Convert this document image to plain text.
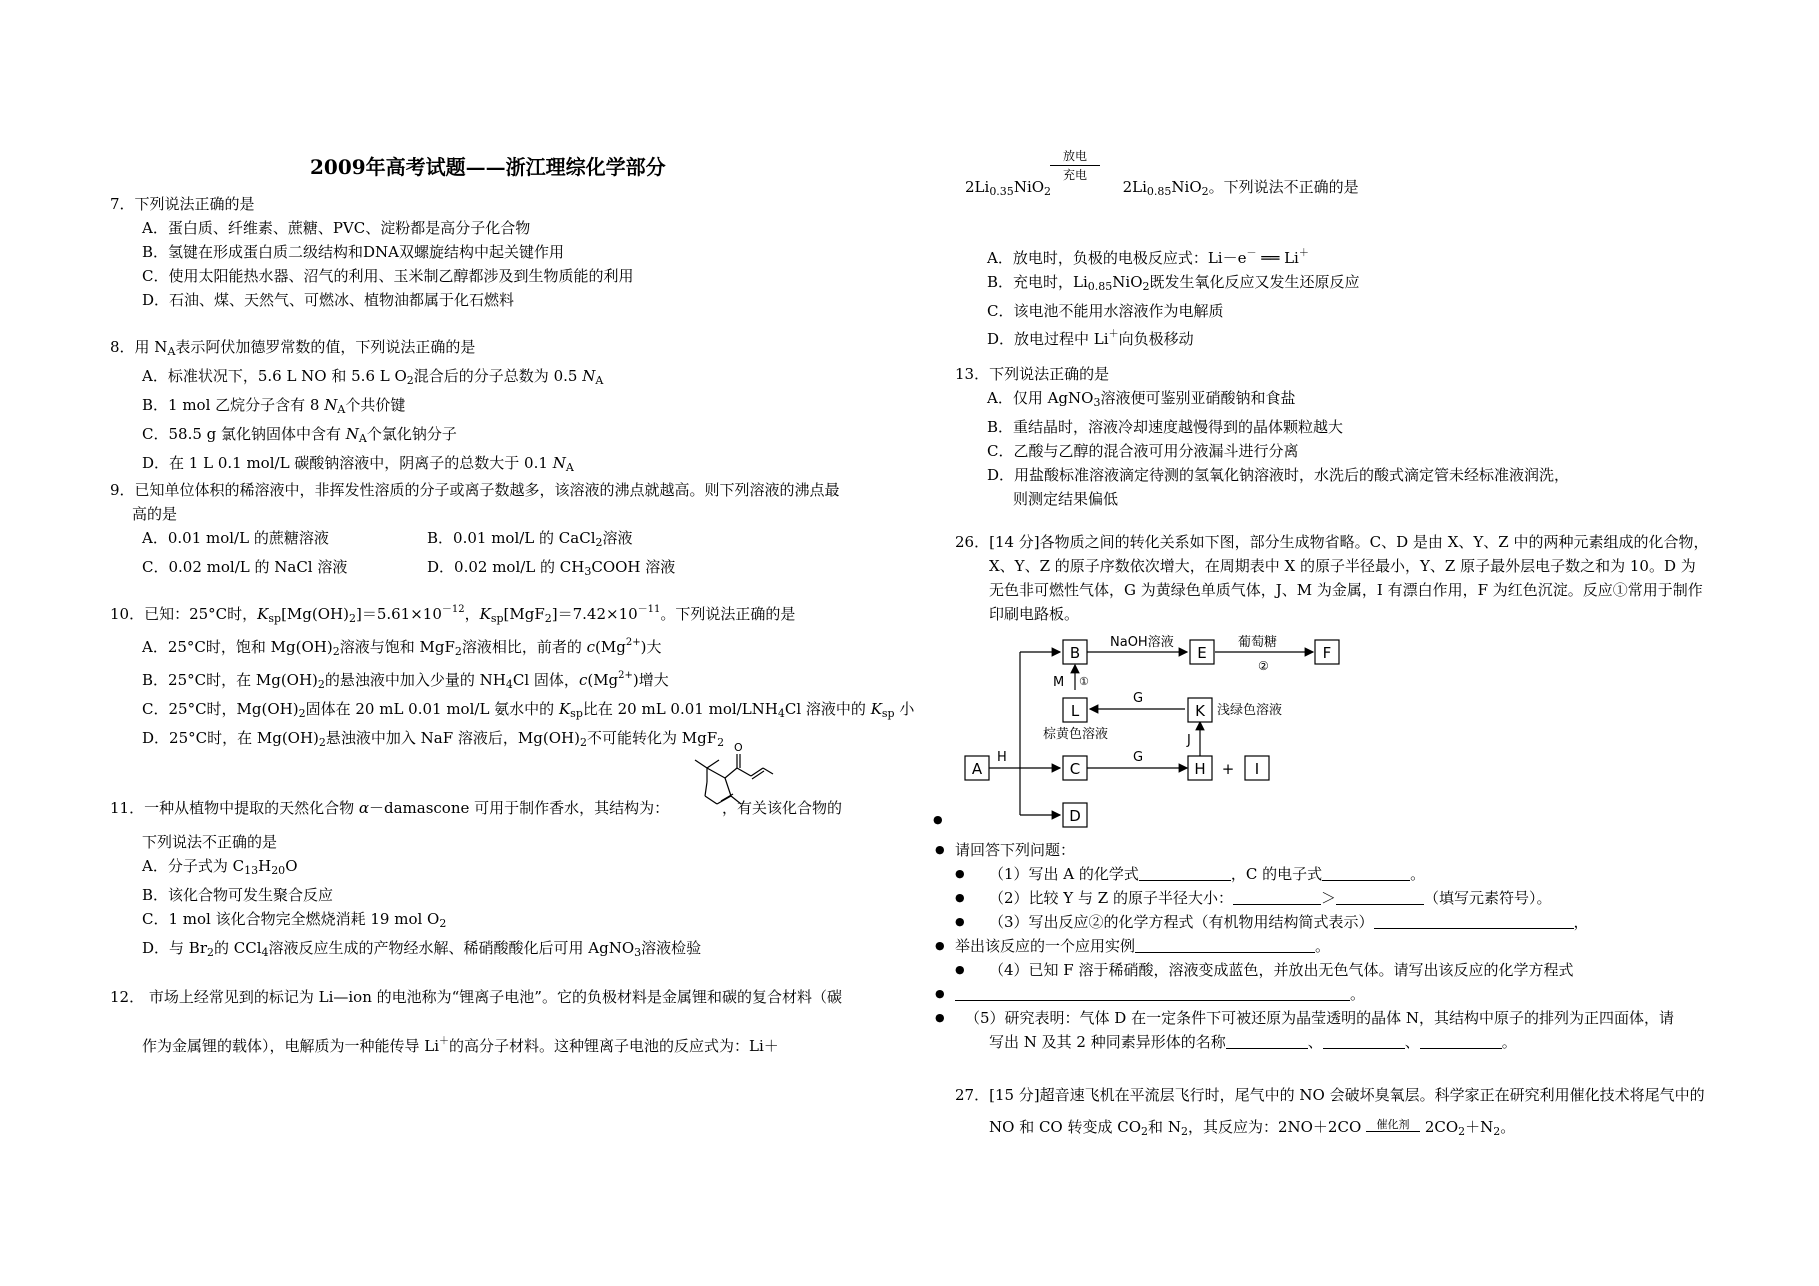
2009年高考试题——浙江理综化学部分
7．下列说法正确的是
A．蛋白质、纤维素、蔗糖、PVC、淀粉都是高分子化合物
B．氢键在形成蛋白质二级结构和DNA双螺旋结构中起关键作用
C．使用太阳能热水器、沼气的利用、玉米制乙醇都涉及到生物质能的利用
D．石油、煤、天然气、可燃冰、植物油都属于化石燃料
8．用 $N_A$表示阿伏加德罗常数的值，下列说法正确的是
A．标准状况下，5.6 L NO 和 5.6 L $O_2$混合后的分子总数为 0.5 $N_A$
B．1 mol 乙烷分子含有 8 $N_A$个共价键
C．58.5 g 氯化钠固体中含有 $N_A$个氯化钠分子
D．在 1 L 0.1 mol/L 碳酸钠溶液中，阴离子的总数大于 0.1 $N_A$
9．已知单位体积的稀溶液中，非挥发性溶质的分子或离子数越多，该溶液的沸点就越高。则下列溶液的沸点最
高的是
A．0.01 mol/L 的蔗糖溶液	B．0.01 mol/L 的 CaCl2溶液
C．0.02 mol/L 的 NaCl 溶液	D．0.02 mol/L 的 CH3COOH 溶液
10．已知：25°C时，$K_{sp}[Mg(OH)_2]=5.61\times 10^{-12}$，$K_{sp}[MgF_2]=7.42\times 10^{-11}$。下列说法正确的是
A．25°C时，饱和 $Mg(OH)_2$溶液与饱和 MgF$_2$溶液相比，前者的 $c(Mg^{2+})$大
B．25°C时，在 $Mg(OH)_2$的悬浊液中加入少量的 $NH_4Cl$ 固体，$c(Mg^{2+})$增大
C．25°C时，$Mg(OH)_2$固体在 20 mL 0.01 mol/L 氨水中的 $K_{sp}$比在 20 mL 0.01 mol/$LNH_4Cl$ 溶液中的 $K_{sp}$ 小
D．25°C时，在 $Mg(OH)_2$悬浊液中加入 NaF 溶液后，$Mg(OH)_2$不可能转化为 MgF$_2$
11．一种从植物中提取的天然化合物 α－damascone 可用于制作香水，其结构为：
O
，有关该化合物的
下列说法不正确的是
A．分子式为 $C_{13}H_{20}O$
B．该化合物可发生聚合反应
C．1 mol 该化合物完全燃烧消耗 19 mol $O_2$
D．与 $Br_2$的 CCl$_4$溶液反应生成的产物经水解、稀硝酸酸化后可用 AgNO$_3$溶液检验
12． 市场上经常见到的标记为 Li—ion 的电池称为“锂离子电池”。它的负极材料是金属锂和碳的复合材料（碳
作为金属锂的载体），电解质为一种能传导 Li＋的高分子材料。这种锂离子电池的反应式为：Li＋
$2Li_{0.35}NiO_2$	$2Li_{0.85}NiO_2$。下列说法不正确的是
放电
充电
A．放电时，负极的电极反应式：Li－e－ ══ Li＋
B．充电时，$Li_{0.85}NiO_2$既发生氧化反应又发生还原反应
C．该电池不能用水溶液作为电解质
D．放电过程中 Li＋向负极移动
13．下列说法正确的是
A．仅用 AgNO$_3$溶液便可鉴别亚硝酸钠和食盐
B．重结晶时，溶液冷却速度越慢得到的晶体颗粒越大
C．乙酸与乙醇的混合液可用分液漏斗进行分离
D．用盐酸标准溶液滴定待测的氢氧化钠溶液时，水洗后的酸式滴定管未经标准液润洗，
则测定结果偏低
26．[14 分]各物质之间的转化关系如下图，部分生成物省略。C、D 是由 X、Y、Z 中的两种元素组成的化合物，
X、Y、Z 的原子序数依次增大，在周期表中 X 的原子半径最小，Y、Z 原子最外层电子数之和为 10。D 为
无色非可燃性气体，G 为黄绿色单质气体，J、M 为金属，I 有漂白作用，F 为红色沉淀。反应①常用于制作
印刷电路板。
A
B
L
C
D
E	F
K
H	I
+
NaOH溶液	葡萄糖
②
M ①
G
G
J
H
浅绿色溶液
棕黄色溶液
●
● 请回答下列问题：
● （1）写出 A 的化学式	，C 的电子式	。
● （2）比较 Y 与 Z 的原子半径大小：	＞	（填写元素符号）。
● （3）写出反应②的化学方程式（有机物用结构简式表示）	，
● 举出该反应的一个应用实例	。
● （4）已知 F 溶于稀硝酸，溶液变成蓝色，并放出无色气体。请写出该反应的化学方程式
●	。
● （5）研究表明：气体 D 在一定条件下可被还原为晶莹透明的晶体 N，其结构中原子的排列为正四面体，请
写出 N 及其 2 种同素异形体的名称	、	、	。
27．[15 分]超音速飞机在平流层飞行时，尾气中的 NO 会破坏臭氧层。科学家正在研究利用催化技术将尾气中的
NO 和 CO 转变成 $CO_2$和 $N_2$，其反应为：2NO＋2CO	催化剂	$2CO_2+N_2$。
